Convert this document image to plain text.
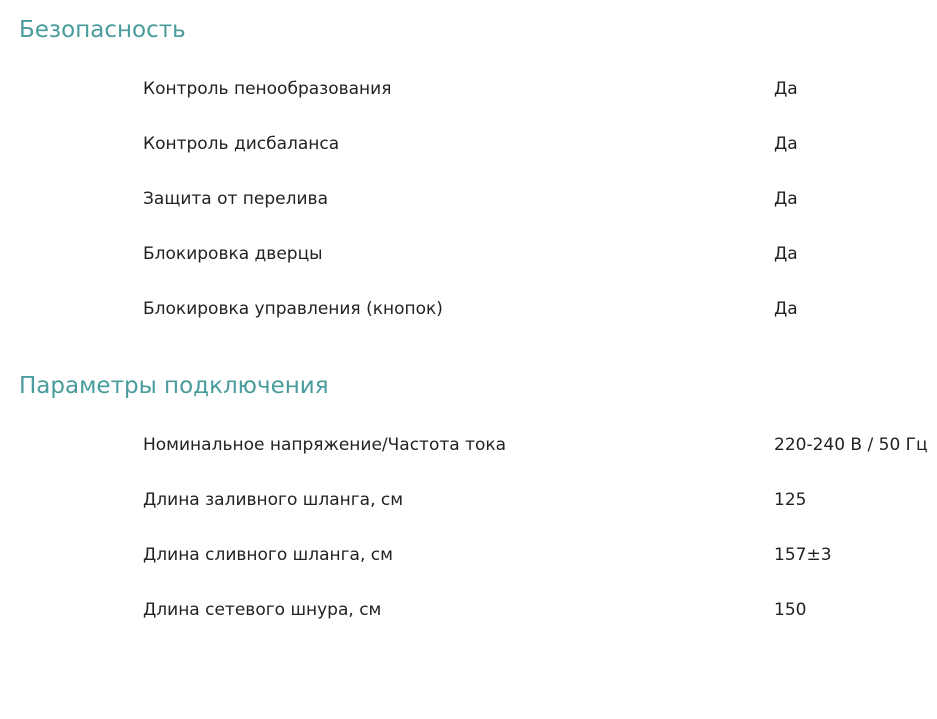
Безопасность
Контроль пенообразования	Да
Контроль дисбаланса	Да
Защита от перелива	Да
Блокировка дверцы	Да
Блокировка управления (кнопок)	Да
Параметры подключения
Номинальное напряжение/Частота тока	220-240 В / 50 Гц
Длина заливного шланга, см	125
Длина сливного шланга, см	157±3
Длина сетевого шнура, см	150
